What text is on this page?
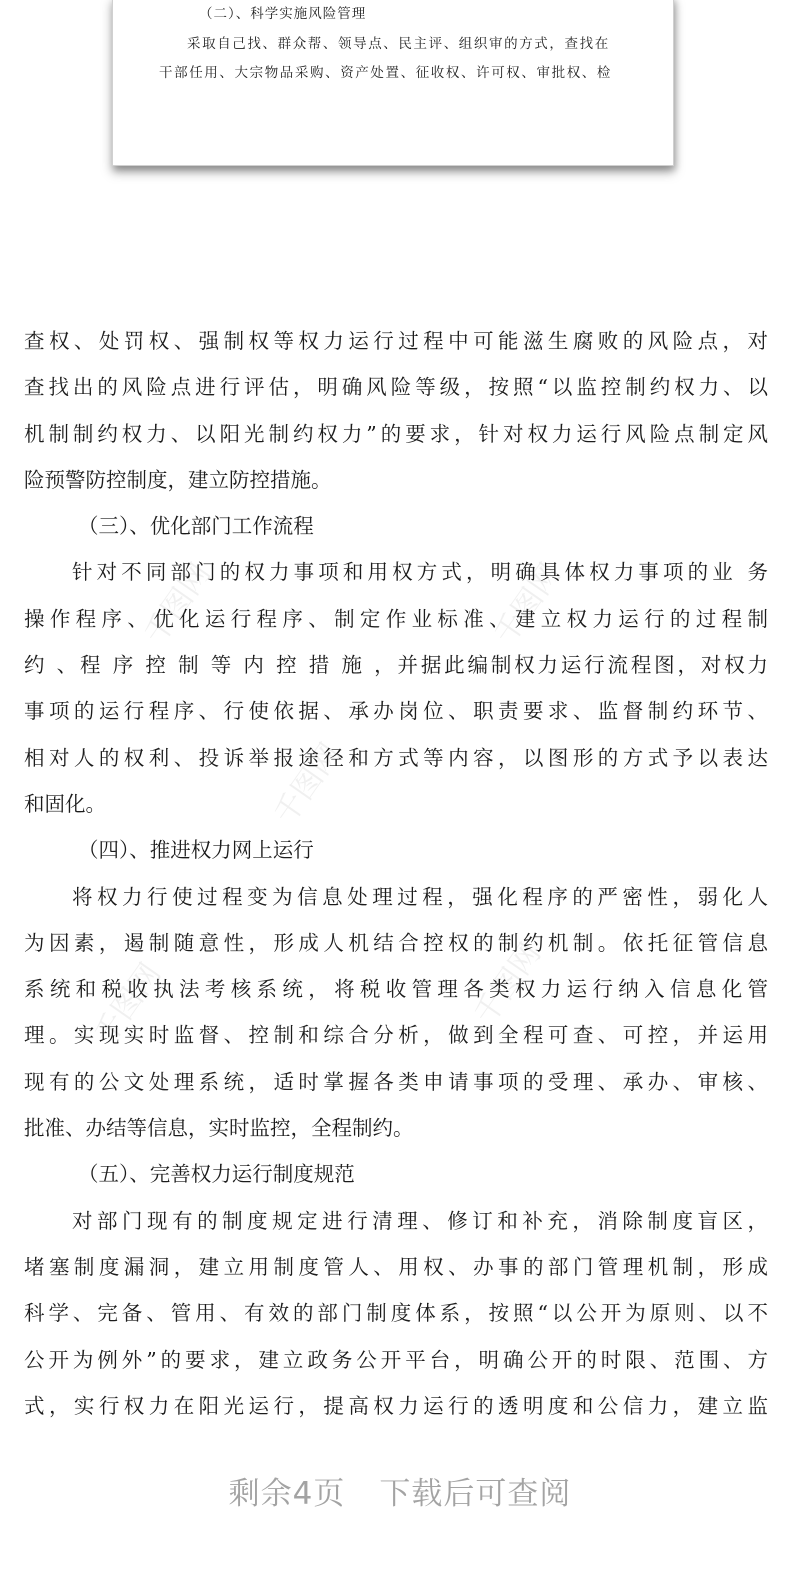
（二）、科学实施风险管理
采取自己找、群众帮、领导点、民主评、组织审的方式，查找在
干部任用、大宗物品采购、资产处置、征收权、许可权、审批权、检
千图网	千图网
千图网
千图网	千图网
查权、处罚权、强制权等权力运行过程中可能滋生腐败的风险点，对
查找出的风险点进行评估，明确风险等级，按照“以监控制约权力、以
机制制约权力、以阳光制约权力”的要求，针对权力运行风险点制定风
险预警防控制度，建立防控措施。
（三）、优化部门工作流程
针对不同部门的权力事项和用权方式，明确具体权力事项的业 务
操作程序、优化运行程序、制定作业标准、建立权力运行的过程制
约 、程 序 控 制 等 内 控 措 施 ，并据此编制权力运行流程图，对权力
事项的运行程序、行使依据、承办岗位、职责要求、监督制约环节、
相对人的权利、投诉举报途径和方式等内容，以图形的方式予以表达
和固化。
（四）、推进权力网上运行
将权力行使过程变为信息处理过程，强化程序的严密性，弱化人
为因素，遏制随意性，形成人机结合控权的制约机制。依托征管信息
系统和税收执法考核系统，将税收管理各类权力运行纳入信息化管
理。实现实时监督、控制和综合分析，做到全程可查、可控，并运用
现有的公文处理系统，适时掌握各类申请事项的受理、承办、审核、
批准、办结等信息，实时监控，全程制约。
（五）、完善权力运行制度规范
对部门现有的制度规定进行清理、修订和补充，消除制度盲区，
堵塞制度漏洞，建立用制度管人、用权、办事的部门管理机制，形成
科学、完备、管用、有效的部门制度体系，按照“以公开为原则、以不
公开为例外”的要求，建立政务公开平台，明确公开的时限、范围、方
式，实行权力在阳光运行，提高权力运行的透明度和公信力，建立监
剩余4页 下载后可查阅
